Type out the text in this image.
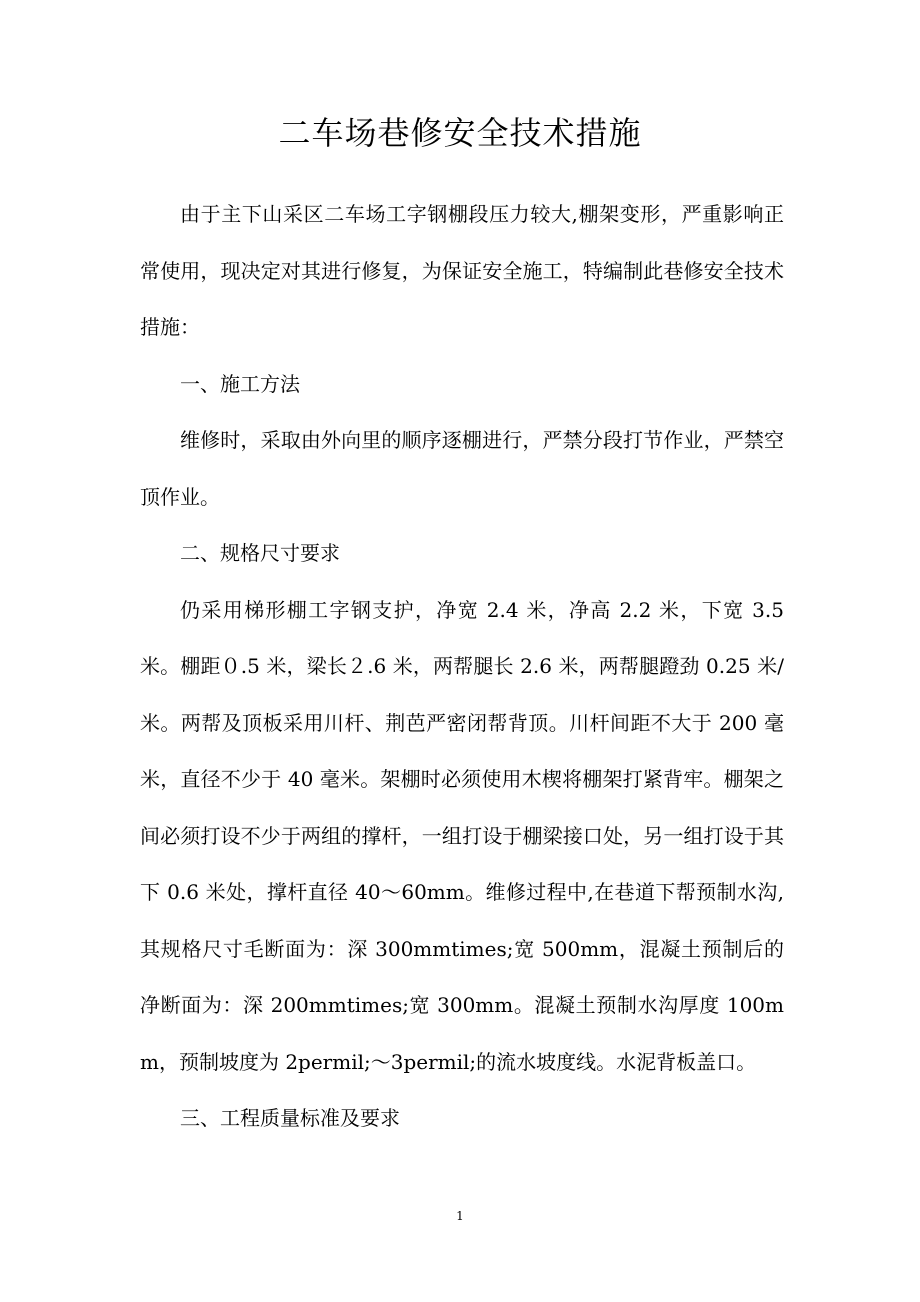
二车场巷修安全技术措施

由于主下山采区二车场工字钢棚段压力较大,棚架变形，严重影响正常使用，现决定对其进行修复，为保证安全施工，特编制此巷修安全技术措施：

一、施工方法

维修时，采取由外向里的顺序逐棚进行，严禁分段打节作业，严禁空顶作业。

二、规格尺寸要求

仍采用梯形棚工字钢支护，净宽 2.4 米，净高 2.2 米，下宽 3.5 米。棚距０.5 米，梁长２.6 米，两帮腿长 2.6 米，两帮腿蹬劲 0.25 米/米。两帮及顶板采用川杆、荆芭严密闭帮背顶。川杆间距不大于 200 毫米，直径不少于 40 毫米。架棚时必须使用木楔将棚架打紧背牢。棚架之间必须打设不少于两组的撑杆，一组打设于棚梁接口处，另一组打设于其下 0.6 米处，撑杆直径 40～60mm。维修过程中,在巷道下帮预制水沟,其规格尺寸毛断面为：深 300mmtimes;宽 500mm，混凝土预制后的净断面为：深 200mmtimes;宽 300mm。混凝土预制水沟厚度 100mm，预制坡度为 2permil;～3permil;的流水坡度线。水泥背板盖口。

三、工程质量标准及要求

1
